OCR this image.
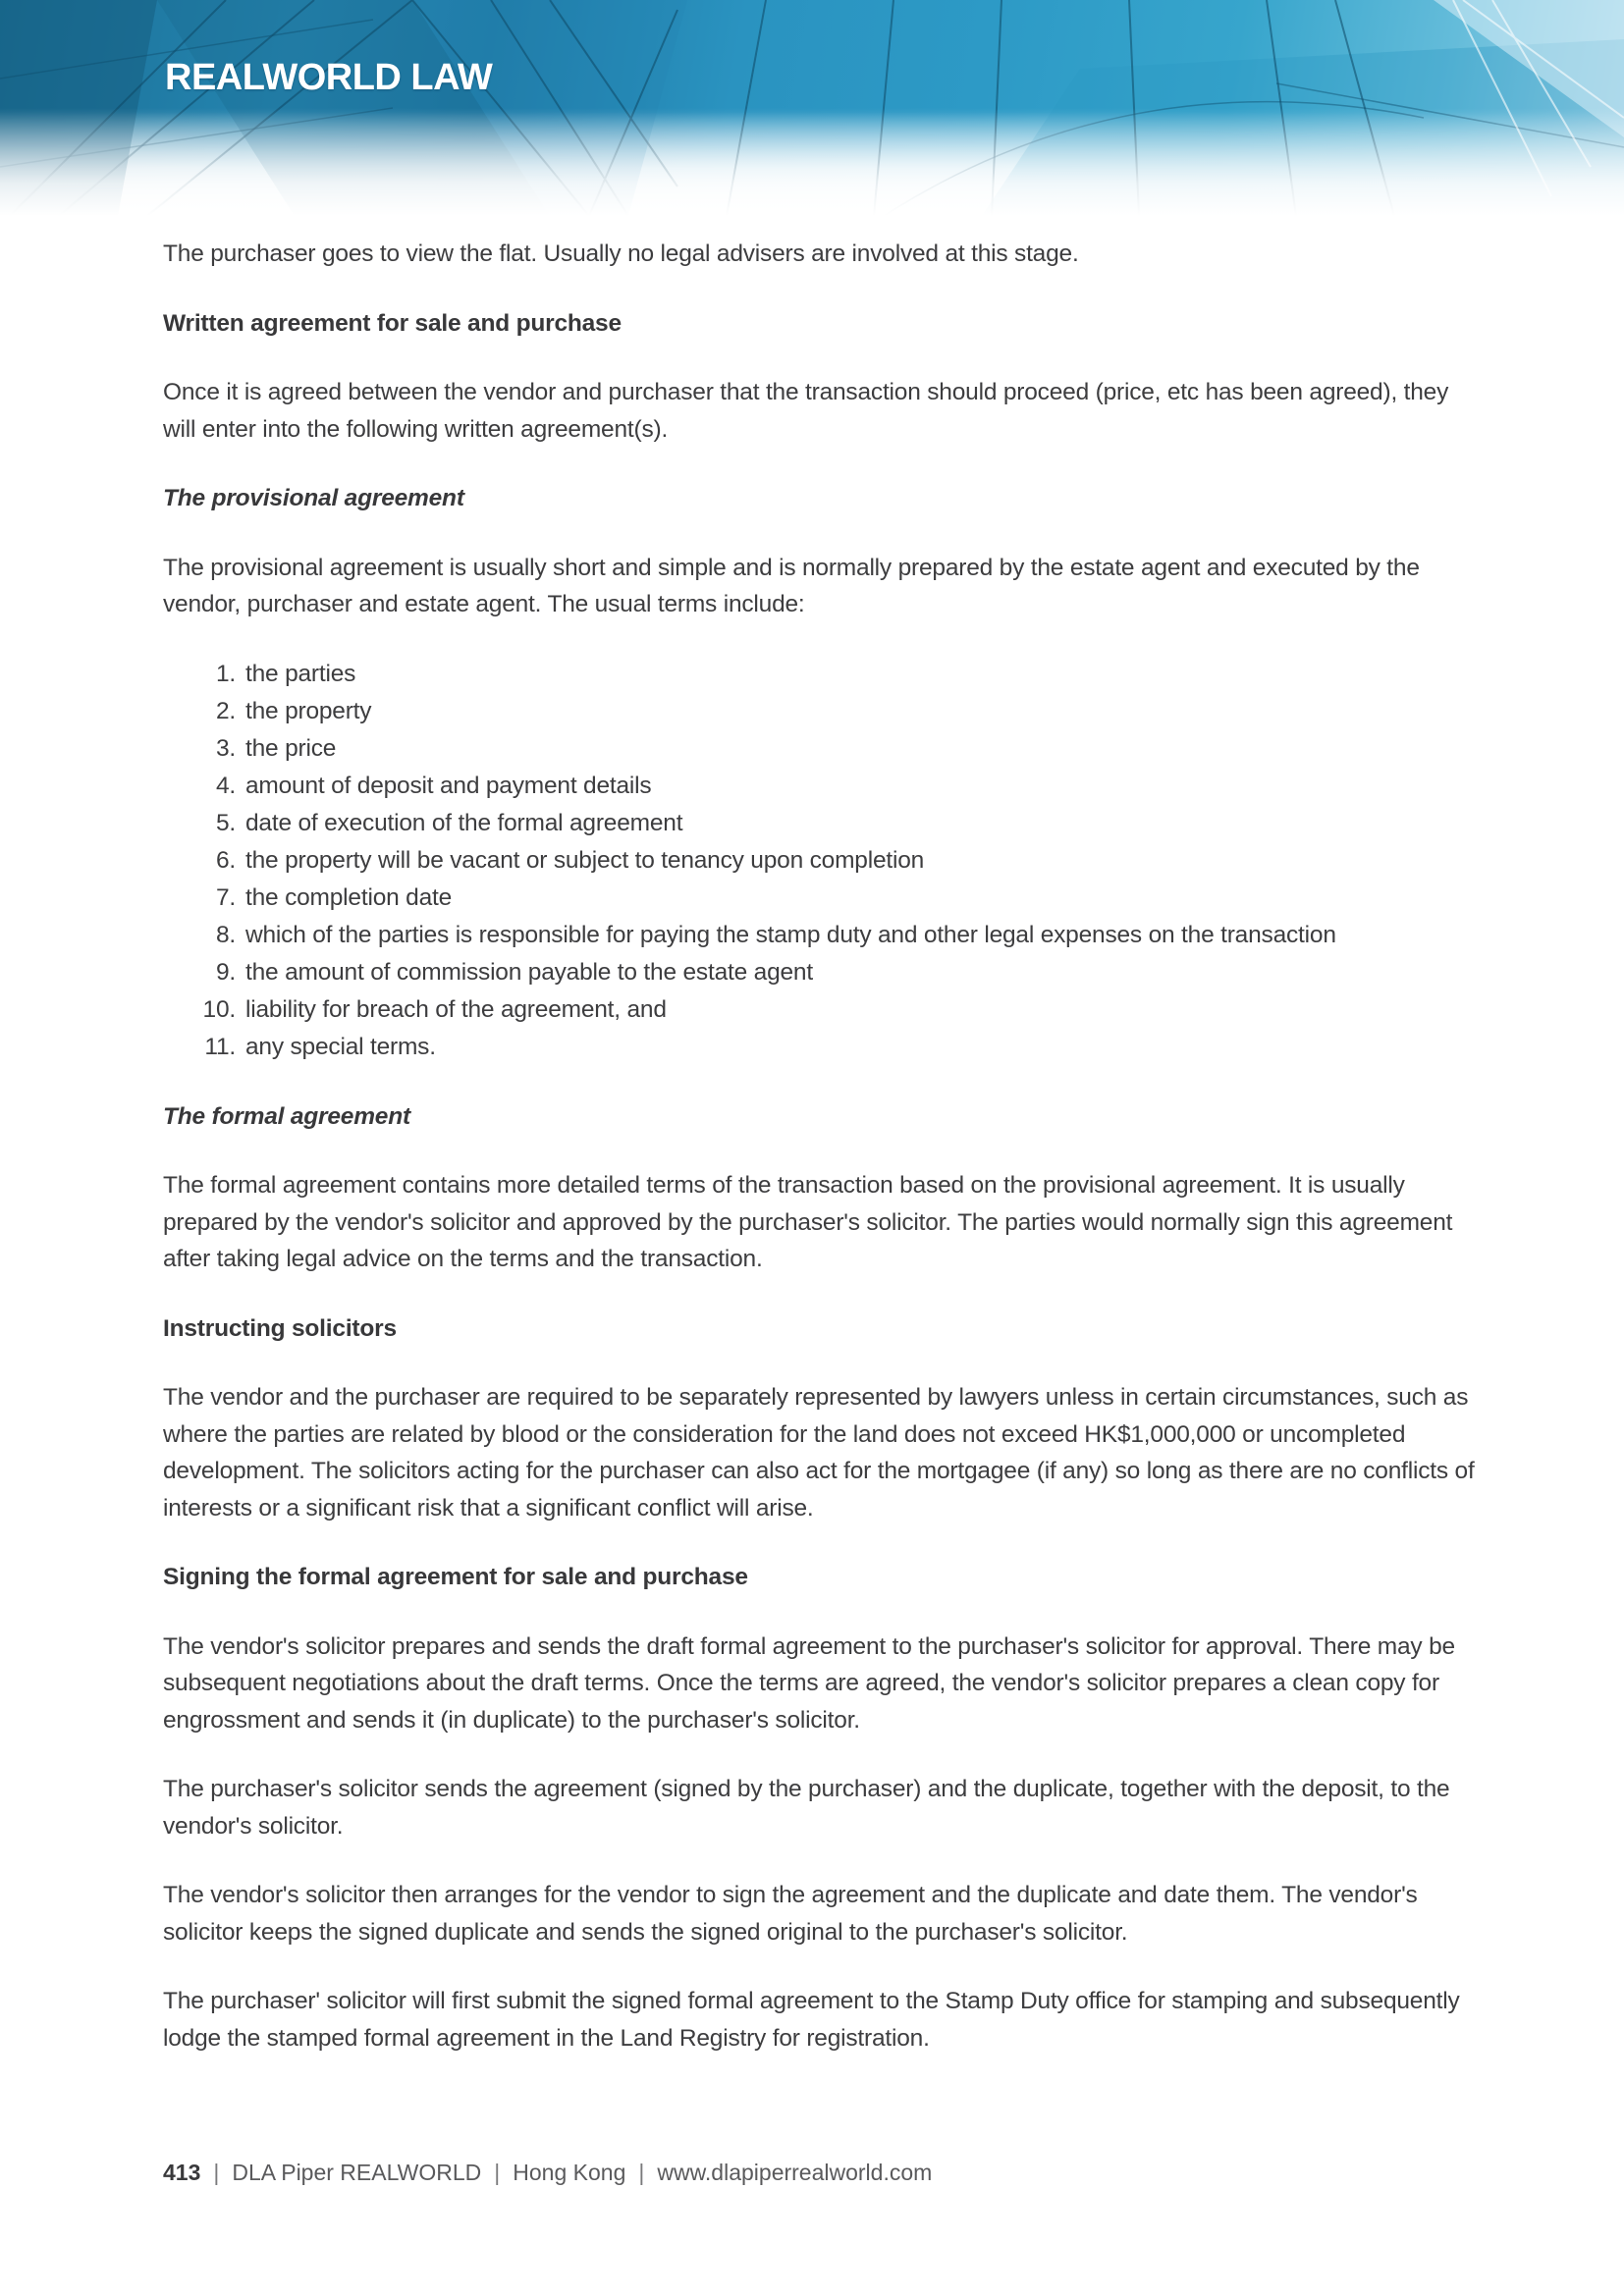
REALWORLD LAW

The purchaser goes to view the flat. Usually no legal advisers are involved at this stage.

Written agreement for sale and purchase

Once it is agreed between the vendor and purchaser that the transaction should proceed (price, etc has been agreed), they will enter into the following written agreement(s).

The provisional agreement

The provisional agreement is usually short and simple and is normally prepared by the estate agent and executed by the vendor, purchaser and estate agent. The usual terms include:

1. the parties
2. the property
3. the price
4. amount of deposit and payment details
5. date of execution of the formal agreement
6. the property will be vacant or subject to tenancy upon completion
7. the completion date
8. which of the parties is responsible for paying the stamp duty and other legal expenses on the transaction
9. the amount of commission payable to the estate agent
10. liability for breach of the agreement, and
11. any special terms.
The formal agreement

The formal agreement contains more detailed terms of the transaction based on the provisional agreement. It is usually prepared by the vendor's solicitor and approved by the purchaser's solicitor. The parties would normally sign this agreement after taking legal advice on the terms and the transaction.

Instructing solicitors

The vendor and the purchaser are required to be separately represented by lawyers unless in certain circumstances, such as where the parties are related by blood or the consideration for the land does not exceed HK$1,000,000 or uncompleted development. The solicitors acting for the purchaser can also act for the mortgagee (if any) so long as there are no conflicts of interests or a significant risk that a significant conflict will arise.

Signing the formal agreement for sale and purchase

The vendor's solicitor prepares and sends the draft formal agreement to the purchaser's solicitor for approval. There may be subsequent negotiations about the draft terms. Once the terms are agreed, the vendor's solicitor prepares a clean copy for engrossment and sends it (in duplicate) to the purchaser's solicitor.

The purchaser's solicitor sends the agreement (signed by the purchaser) and the duplicate, together with the deposit, to the vendor's solicitor.

The vendor's solicitor then arranges for the vendor to sign the agreement and the duplicate and date them. The vendor's solicitor keeps the signed duplicate and sends the signed original to the purchaser's solicitor.

The purchaser' solicitor will first submit the signed formal agreement to the Stamp Duty office for stamping and subsequently lodge the stamped formal agreement in the Land Registry for registration.

413 | DLA Piper REALWORLD | Hong Kong | www.dlapiperrealworld.com
